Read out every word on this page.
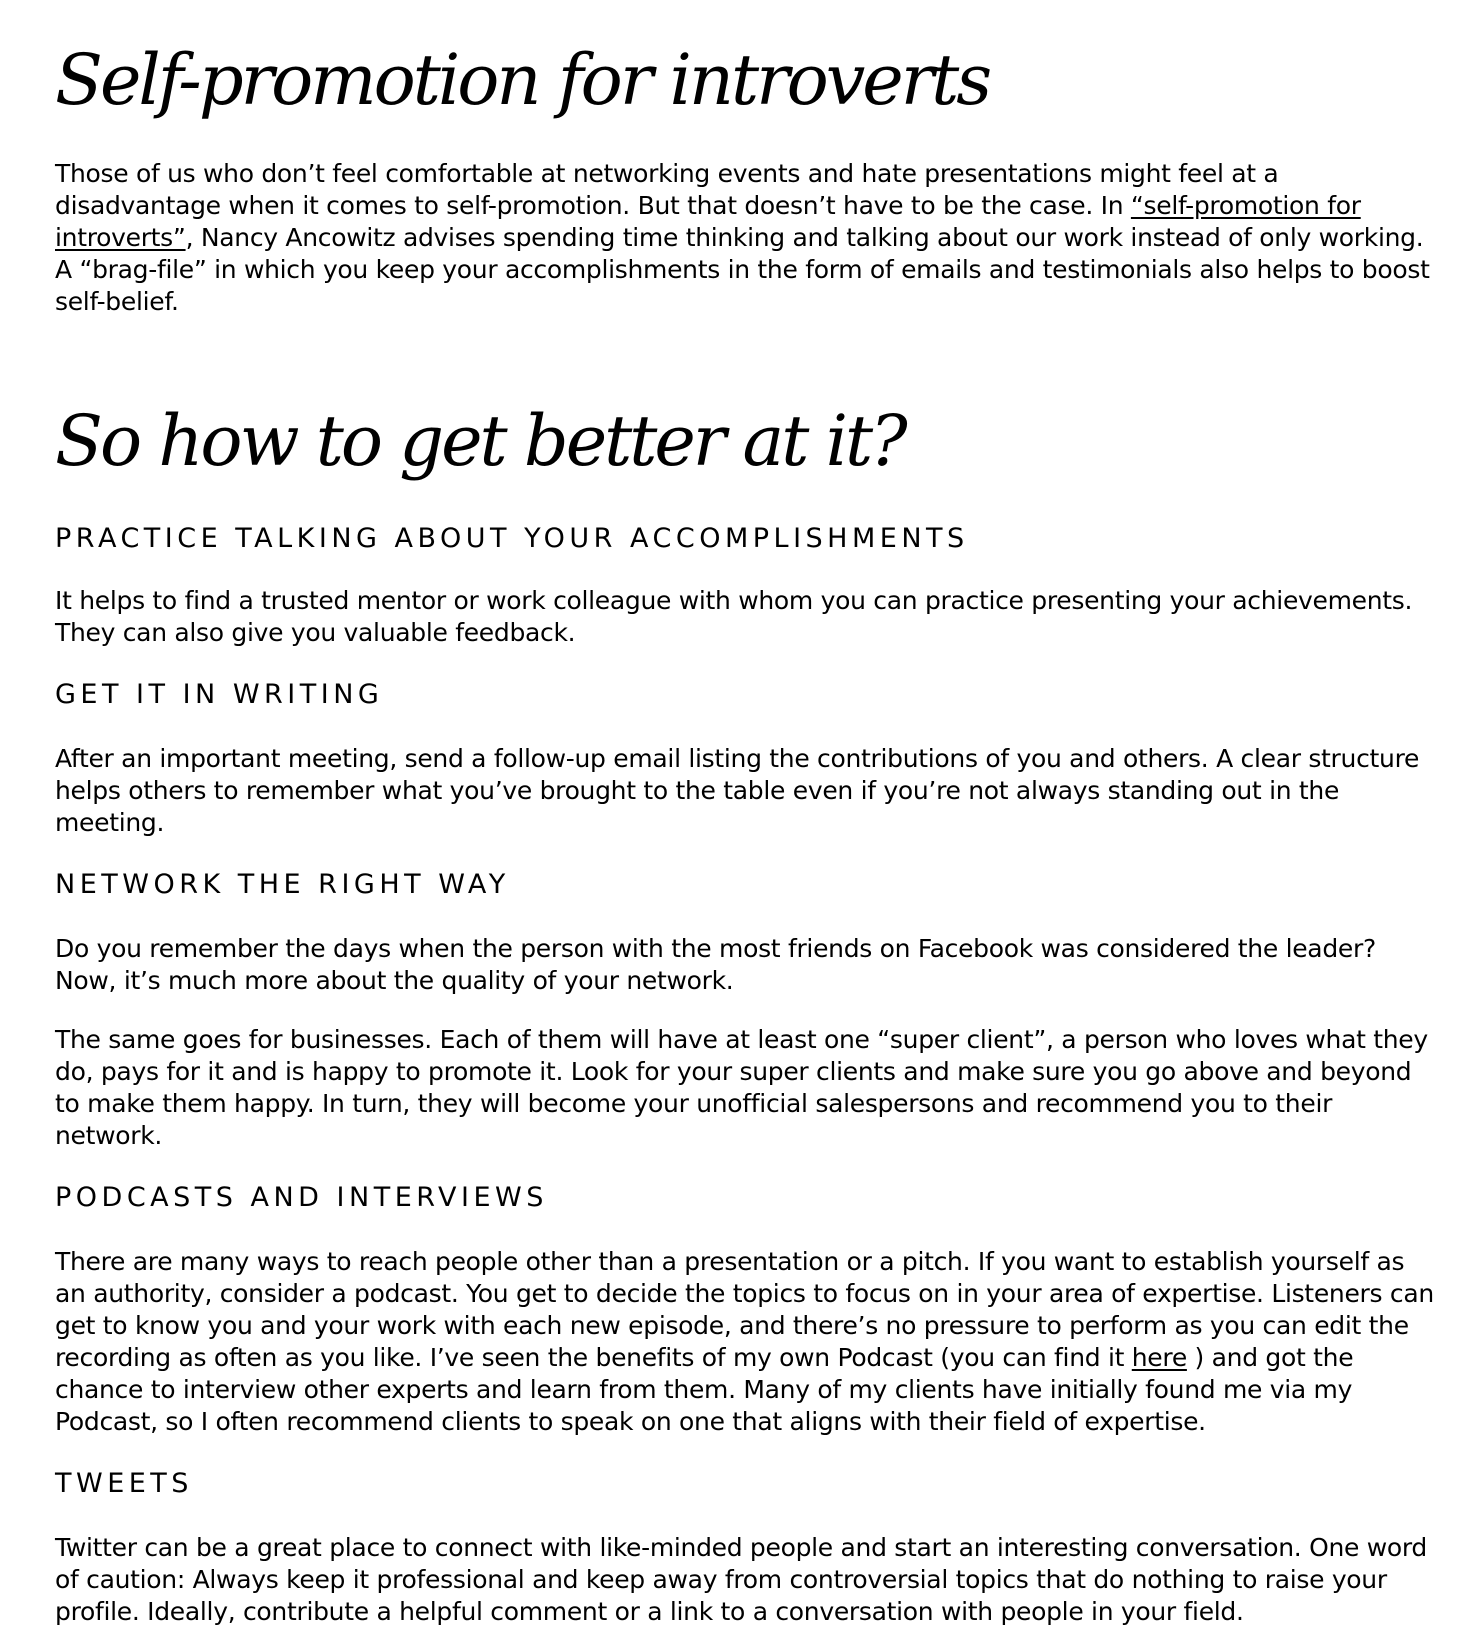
Self-promotion for introverts

Those of us who don’t feel comfortable at networking events and hate presentations might feel at a disadvantage when it comes to self-promotion. But that doesn’t have to be the case. In “self-promotion for introverts”, Nancy Ancowitz advises spending time thinking and talking about our work instead of only working. A “brag-file” in which you keep your accomplishments in the form of emails and testimonials also helps to boost self-belief.

So how to get better at it?
PRACTICE TALKING ABOUT YOUR ACCOMPLISHMENTS

It helps to find a trusted mentor or work colleague with whom you can practice presenting your achievements. They can also give you valuable feedback.

GET IT IN WRITING

After an important meeting, send a follow-up email listing the contributions of you and others. A clear structure helps others to remember what you’ve brought to the table even if you’re not always standing out in the meeting.

NETWORK THE RIGHT WAY

Do you remember the days when the person with the most friends on Facebook was considered the leader? Now, it’s much more about the quality of your network.

The same goes for businesses. Each of them will have at least one “super client”, a person who loves what they do, pays for it and is happy to promote it. Look for your super clients and make sure you go above and beyond to make them happy. In turn, they will become your unofficial salespersons and recommend you to their network.

PODCASTS AND INTERVIEWS

There are many ways to reach people other than a presentation or a pitch. If you want to establish yourself as an authority, consider a podcast. You get to decide the topics to focus on in your area of expertise. Listeners can get to know you and your work with each new episode, and there’s no pressure to perform as you can edit the recording as often as you like. I’ve seen the benefits of my own Podcast (you can find it here ) and got the chance to interview other experts and learn from them. Many of my clients have initially found me via my Podcast, so I often recommend clients to speak on one that aligns with their field of expertise.

TWEETS

Twitter can be a great place to connect with like-minded people and start an interesting conversation. One word of caution: Always keep it professional and keep away from controversial topics that do nothing to raise your profile. Ideally, contribute a helpful comment or a link to a conversation with people in your field.
